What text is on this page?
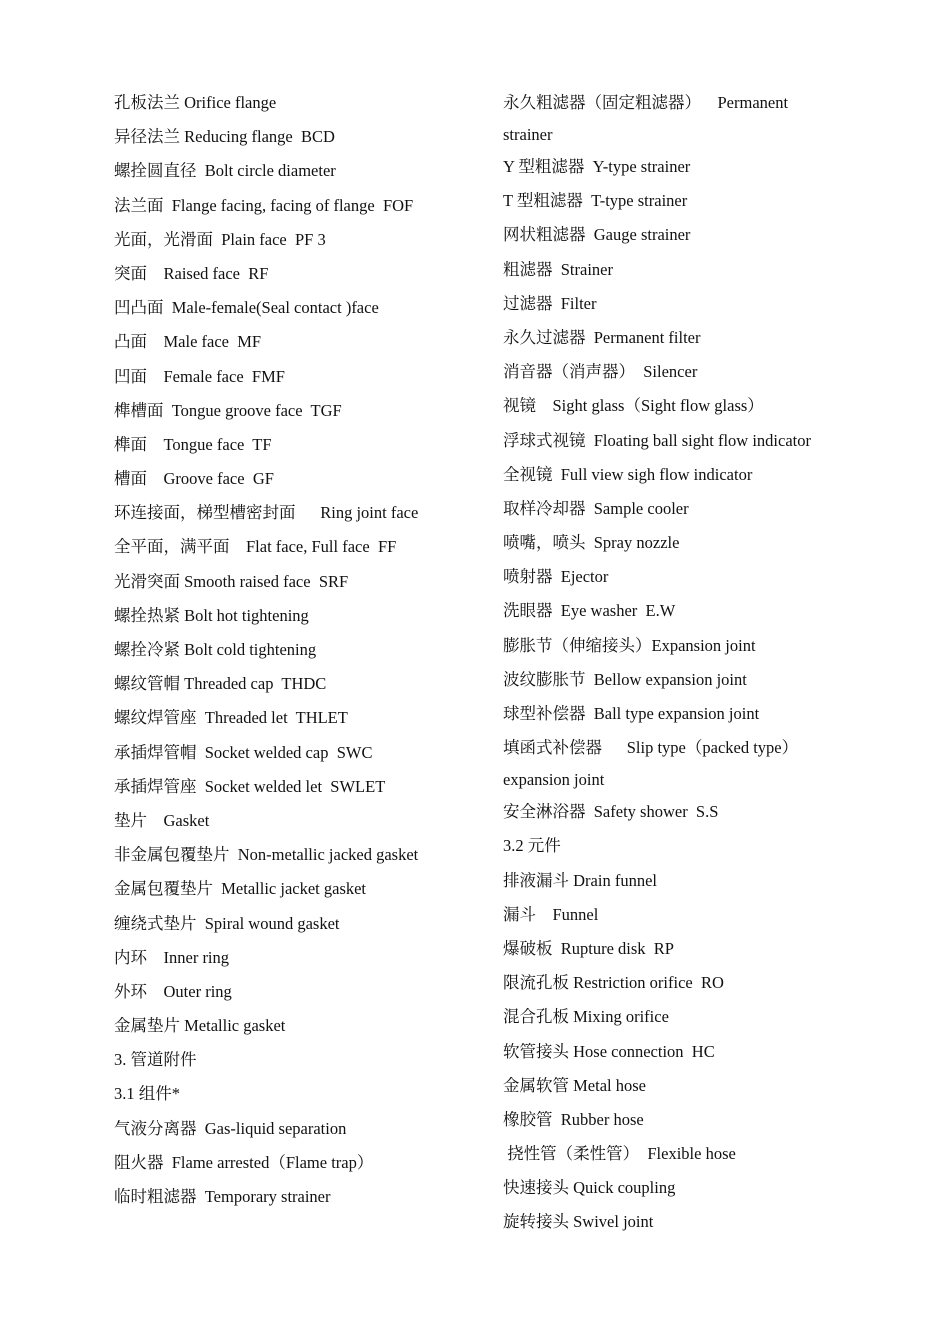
孔板法兰 Orifice flange
异径法兰 Reducing flange  BCD
螺拴圆直径  Bolt circle diameter
法兰面  Flange facing, facing of flange  FOF
光面，光滑面  Plain face  PF 3
突面    Raised face  RF
凹凸面  Male-female(Seal contact )face
凸面    Male face  MF
凹面    Female face  FMF
榫槽面  Tongue groove face  TGF
榫面    Tongue face  TF
槽面    Groove face  GF
环连接面，梯型槽密封面      Ring joint face
全平面，满平面    Flat face, Full face  FF
光滑突面 Smooth raised face  SRF
螺拴热紧 Bolt hot tightening
螺拴冷紧 Bolt cold tightening
螺纹管帽 Threaded cap  THDC
螺纹焊管座  Threaded let  THLET
承插焊管帽  Socket welded cap  SWC
承插焊管座  Socket welded let  SWLET
垫片    Gasket
非金属包覆垫片  Non-metallic jacked gasket
金属包覆垫片  Metallic jacket gasket
缠绕式垫片  Spiral wound gasket
内环    Inner ring
外环    Outer ring
金属垫片 Metallic gasket
3. 管道附件
3.1 组件*
气液分离器  Gas-liquid separation
阻火器  Flame arrested（Flame trap）
临时粗滤器  Temporary strainer
永久粗滤器（固定粗滤器）    Permanent
strainer
Y 型粗滤器  Y-type strainer
T 型粗滤器  T-type strainer
网状粗滤器  Gauge strainer
粗滤器  Strainer
过滤器  Filter
永久过滤器  Permanent filter
消音器（消声器）  Silencer
视镜    Sight glass（Sight flow glass）
浮球式视镜  Floating ball sight flow indicator
全视镜  Full view sigh flow indicator
取样冷却器  Sample cooler
喷嘴，喷头  Spray nozzle
喷射器  Ejector
洗眼器  Eye washer  E.W
膨胀节（伸缩接头）Expansion joint
波纹膨胀节  Bellow expansion joint
球型补偿器  Ball type expansion joint
填函式补偿器      Slip type（packed type）
expansion joint
安全淋浴器  Safety shower  S.S
3.2 元件
排液漏斗 Drain funnel
漏斗    Funnel
爆破板  Rupture disk  RP
限流孔板 Restriction orifice  RO
混合孔板 Mixing orifice
软管接头 Hose connection  HC
金属软管 Metal hose
橡胶管  Rubber hose
挠性管（柔性管）  Flexible hose
快速接头 Quick coupling
旋转接头 Swivel joint
